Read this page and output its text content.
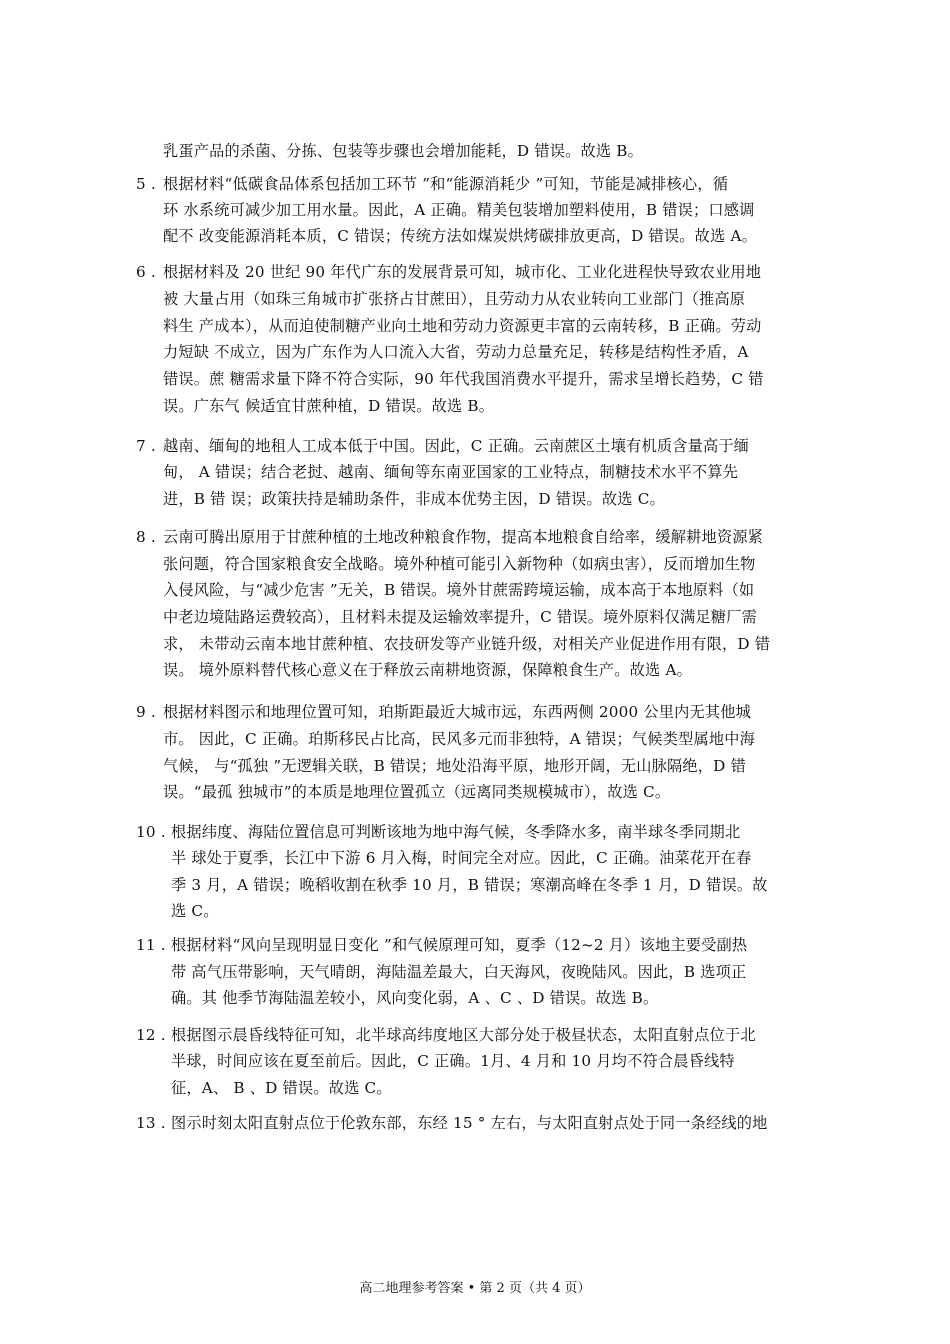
乳蛋产品的杀菌、分拣、包装等步骤也会增加能耗，D 错误。故选 B。
5 . 根据材料“低碳食品体系包括加工环节 ”和“能源消耗少 ”可知，节能是减排核心，循
环 水系统可减少加工用水量。因此，A 正确。精美包装增加塑料使用，B 错误；口感调
配不 改变能源消耗本质，C 错误；传统方法如煤炭烘烤碳排放更高，D 错误。故选 A。
6 . 根据材料及 20 世纪 90 年代广东的发展背景可知，城市化、工业化进程快导致农业用地
被 大量占用（如珠三角城市扩张挤占甘蔗田），且劳动力从农业转向工业部门（推高原
料生 产成本），从而迫使制糖产业向土地和劳动力资源更丰富的云南转移，B 正确。劳动
力短缺 不成立，因为广东作为人口流入大省，劳动力总量充足，转移是结构性矛盾，A
错误。蔗 糖需求量下降不符合实际，90 年代我国消费水平提升，需求呈增长趋势，C 错
误。广东气 候适宜甘蔗种植，D 错误。故选 B。
7 . 越南、缅甸的地租人工成本低于中国。因此，C 正确。云南蔗区土壤有机质含量高于缅
甸， A 错误；结合老挝、越南、缅甸等东南亚国家的工业特点，制糖技术水平不算先
进，B 错 误；政策扶持是辅助条件，非成本优势主因，D 错误。故选 C。
8 . 云南可腾出原用于甘蔗种植的土地改种粮食作物，提高本地粮食自给率，缓解耕地资源紧
张问题，符合国家粮食安全战略。境外种植可能引入新物种（如病虫害），反而增加生物
入侵风险，与“减少危害 ”无关，B 错误。境外甘蔗需跨境运输，成本高于本地原料（如
中老边境陆路运费较高），且材料未提及运输效率提升，C 错误。境外原料仅满足糖厂需
求， 未带动云南本地甘蔗种植、农技研发等产业链升级，对相关产业促进作用有限，D 错
误。 境外原料替代核心意义在于释放云南耕地资源，保障粮食生产。故选 A。
9 . 根据材料图示和地理位置可知，珀斯距最近大城市远，东西两侧 2000 公里内无其他城
市。 因此，C 正确。珀斯移民占比高，民风多元而非独特，A 错误；气候类型属地中海
气候， 与“孤独 ”无逻辑关联，B 错误；地处沿海平原，地形开阔，无山脉隔绝，D 错
误。“最孤 独城市”的本质是地理位置孤立（远离同类规模城市），故选 C。
10 . 根据纬度、海陆位置信息可判断该地为地中海气候，冬季降水多，南半球冬季同期北
半 球处于夏季，长江中下游 6 月入梅，时间完全对应。因此，C 正确。油菜花开在春
季 3 月，A 错误；晚稻收割在秋季 10 月，B 错误；寒潮高峰在冬季 1 月，D 错误。故
选 C。
11 . 根据材料“风向呈现明显日变化 ”和气候原理可知，夏季（12~2 月）该地主要受副热
带 高气压带影响，天气晴朗，海陆温差最大，白天海风，夜晚陆风。因此，B 选项正
确。其 他季节海陆温差较小，风向变化弱，A 、C 、D 错误。故选 B。
12 . 根据图示晨昏线特征可知，北半球高纬度地区大部分处于极昼状态，太阳直射点位于北
半球，时间应该在夏至前后。因此，C 正确。1月、4 月和 10 月均不符合晨昏线特
征，A、 B 、D 错误。故选 C。
13 . 图示时刻太阳直射点位于伦敦东部，东经 15 ° 左右，与太阳直射点处于同一条经线的地
高二地理参考答案 • 第 2 页（共 4 页）
